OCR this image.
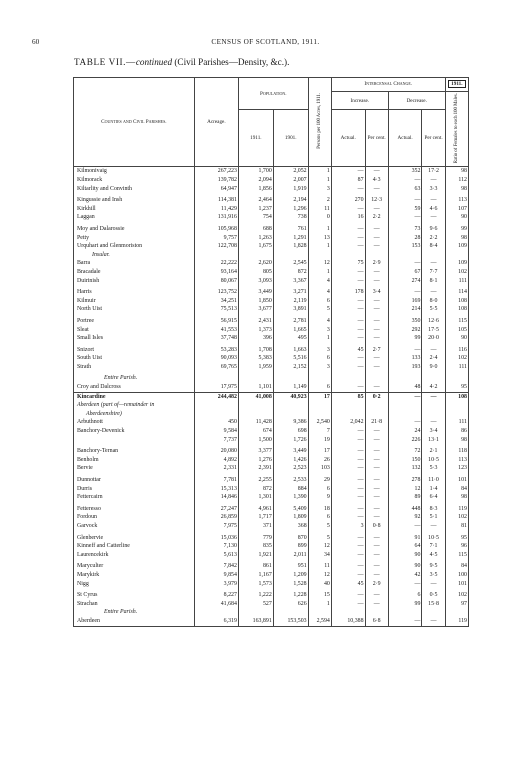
60	CENSUS OF SCOTLAND, 1911.
TABLE VII.—continued (Civil Parishes—Density, &c.).
Counties and Civil Parishes.	Acreage.	Population.		Persons per 100 Acres, 1911.	Intercensal Change.				1911.
					Increase.		Decrease.		Ratio of Females to each 100 Males.
		1911.	1901.		Actual.	Per cent.	Actual.	Per cent.	
Kilmonivaig	267,223	1,700	2,052	1	—	—	352	17·2	98
Kilmorack	139,782	2,094	2,007	1	87	4·3	—	—	112
Kiltarlity and Convinth	64,947	1,856	1,919	3	—	—	63	3·3	98

Kingussie and Insh	114,381	2,464	2,194	2	270	12·3	—	—	113
Kirkhill	11,429	1,237	1,296	11	—	—	59	4·6	107
Laggan	131,916	754	738	0	16	2·2	—	—	90

Moy and Dalarossie	105,968	688	761	1	—	—	73	9·6	99
Petty	9,757	1,263	1,291	13	—	—	28	2·2	98
Urquhart and Glenmoriston	122,708	1,675	1,828	1	—	—	153	8·4	109
Insular.									
Barra	22,222	2,620	2,545	12	75	2·9	—	—	109
Bracadale	93,164	805	872	1	—	—	67	7·7	102
Duirinish	80,067	3,093	3,367	4	—	—	274	8·1	111

Harris	123,752	3,449	3,271	4	178	3·4	—	—	114
Kilmuir	34,251	1,850	2,119	6	—	—	169	8·0	108
North Uist	75,513	3,677	3,891	5	—	—	214	5·5	108

Portree	56,915	2,431	2,781	4	—	—	350	12·6	115
Sleat	41,553	1,373	1,665	3	—	—	292	17·5	105
Small Isles	37,748	396	495	1	—	—	99	20·0	90

Snizort	53,283	1,708	1,663	3	45	2·7	—	—	116
South Uist	90,093	5,383	5,516	6	—	—	133	2·4	102
Strath	69,765	1,959	2,152	3	—	—	193	9·0	111

Entire Parish.									
Croy and Dalcross	17,975	1,101	1,149	6	—	—	48	4·2	95
Kincardine	244,482	41,008	40,923	17	85	0·2	—	—	108
Aberdeen (part of—remainder in									
Aberdeenshire)									
Arbuthnott	450	11,428	9,386	2,540	2,042	21·8	—	—	111
Banchory-Devenick	9,584	674	698	7	—	—	24	3·4	86
	7,737	1,500	1,726	19	—	—	226	13·1	98

Banchory-Ternan	20,080	3,377	3,449	17	—	—	72	2·1	118
Benholm	4,892	1,276	1,426	26	—	—	150	10·5	113
Bervie	2,331	2,391	2,523	103	—	—	132	5·3	123

Dunnottar	7,781	2,255	2,533	29	—	—	278	11·0	101
Durris	15,313	872	884	6	—	—	12	1·4	84
Fettercairn	14,846	1,301	1,390	9	—	—	89	6·4	98

Fetteresso	27,247	4,961	5,409	18	—	—	448	8·3	119
Fordoun	26,859	1,717	1,809	6	—	—	92	5·1	102
Garvock	7,975	371	368	5	3	0·8	—	—	81

Glenbervie	15,036	779	870	5	—	—	91	10·5	95
Kinneff and Catterline	7,130	835	899	12	—	—	64	7·1	96
Laurencekirk	5,613	1,921	2,011	34	—	—	90	4·5	115

Maryculter	7,842	861	951	11	—	—	90	9·5	84
Marykirk	9,854	1,167	1,209	12	—	—	42	3·5	100
Nigg	3,979	1,573	1,528	40	45	2·9	—	—	101

St Cyrus	8,227	1,222	1,228	15	—	—	6	0·5	102
Strachan	41,684	527	626	1	—	—	99	15·8	97
Entire Parish.									
Aberdeen	6,319	163,891	153,503	2,594	10,388	6·8	—	—	119
